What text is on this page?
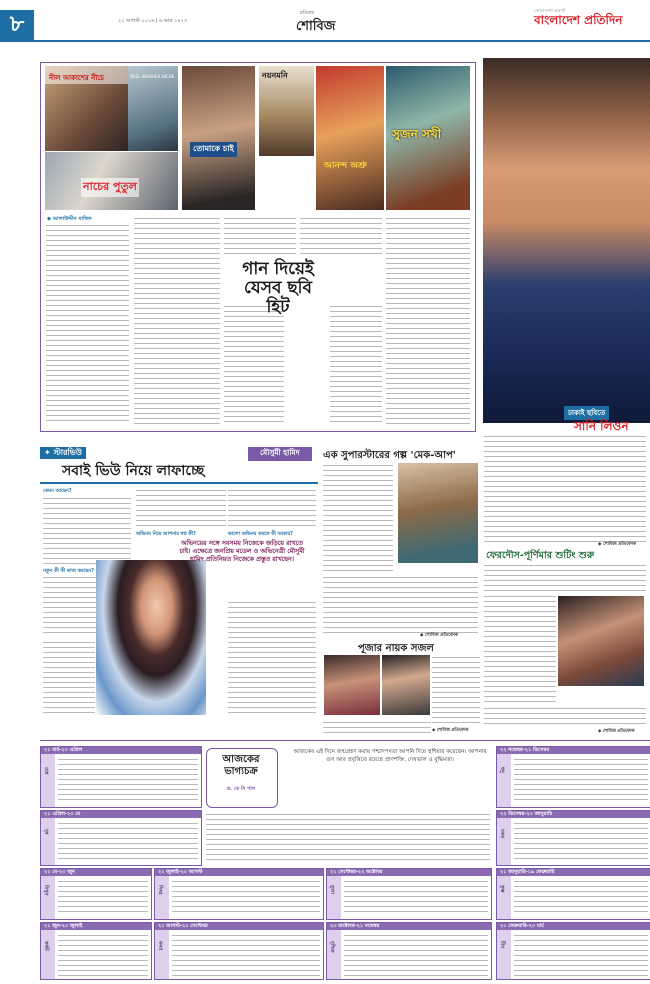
৮	২১ আগস্ট ২০১৬ | ৬ ভাদ্র ১৪২৩
রবিবার
শোবিজ	বাংলাদেশ প্রতিদিন
সোজাসাপ্টা অকপট
নীল আকাশের নীচে	NEEL AKASHER NICHE
নাচের পুতুল
তোমাকে চাই
নয়নমনি
আনন্দ অশ্রু
সুজন সখী
◆ আলাউদ্দীন মাজিদ
গান দিয়েই
যেসব ছবি
হিট
ঢাকাই ছবিতে
সানি লিওন
◆ শোবিজ প্রতিবেদক
✦ স্টারভিউ	মৌসুমী হামিদ
সবাই ভিউ নিয়ে লাফাচ্ছে
কেমন আছেন?
নতুন কী কী কাজ করছেন?
অভিনয় নিয়ে আপনার স্বপ্ন কী?	ভালো অভিনয় করতে কী দরকার?
অভিনয়ের সঙ্গে সবসময় নিজেকে জড়িয়ে রাখতে চাই। এক্ষেত্রে জনপ্রিয় মডেল ও অভিনেত্রী মৌসুমী হামিদ প্রতিনিয়ত নিজেকে প্রস্তুত রাখছেন।
এক সুপারস্টারের গল্প 'মেক-আপ'
◆ শোবিজ প্রতিবেদক
পূজার নায়ক সজল
◆ শোবিজ প্রতিবেদক
ফেরদৌস-পূর্ণিমার শুটিং শুরু
◆ শোবিজ প্রতিবেদক
আজকের
ভাগ্যচক্র
ড. কে সি পাল
আজকের এই দিনে জন্মগ্রহণ করায় পশ্চাদপদতা আপনি দিয়ে হুশিয়ার করেছেন। আপনার গুণ আর প্রবৃত্তিতে রয়েছে প্রাণশক্তি, দেখভাল ও বুদ্ধিমত্তা।
২১ মার্চ-২০ এপ্রিল
মেষ
২২ নভেম্বর-২১ ডিসেম্বর
ধনু
২১ এপ্রিল-২০ মে
বৃষ
২২ ডিসেম্বর-২০ জানুয়ারি
মকর
২১ মে-২০ জুন
মিথুন
২১ জুলাই-২০ আগস্ট
সিংহ
২১ সেপ্টেম্বর-২২ অক্টোবর
তুলা
২১ জানুয়ারি-১৯ ফেব্রুয়ারি
কুম্ভ
২১ জুন-২০ জুলাই
কর্কট
২১ আগস্ট-২০ সেপ্টেম্বর
কন্যা
২৩ অক্টোবর-২১ নভেম্বর
বৃশ্চিক
২০ ফেব্রুয়ারি-২০ মার্চ
মীন
